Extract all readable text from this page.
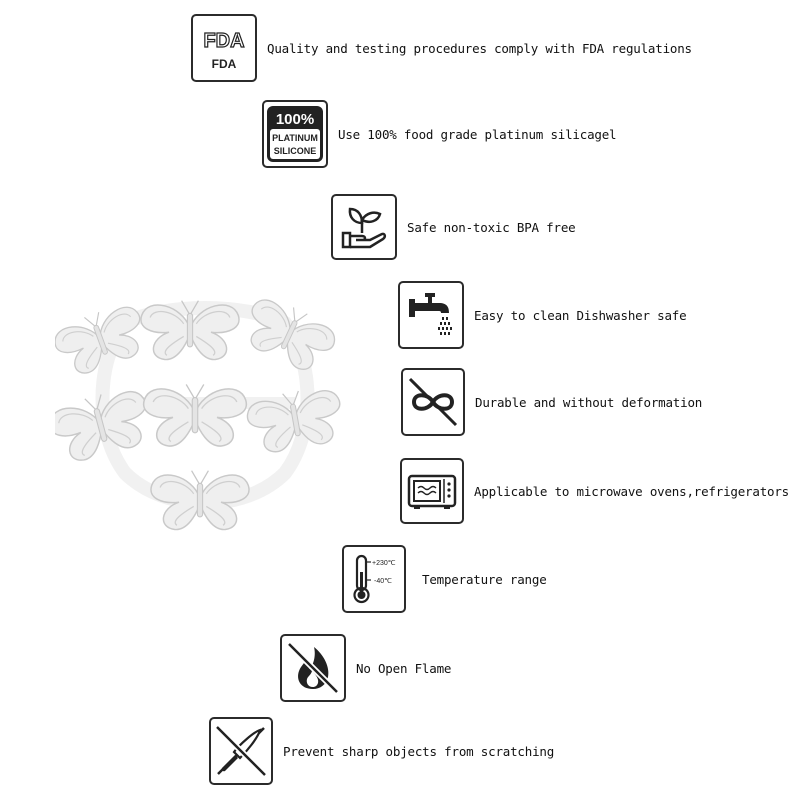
FDA
FDA
Quality and testing procedures comply with FDA regulations
100%
PLATINUM
SILICONE
Use 100% food grade platinum silicagel
Safe non-toxic BPA free
Easy to clean Dishwasher safe
Durable and without deformation
Applicable to microwave ovens,refrigerators
+230℃
-40℃ Temperature range
No Open Flame
Prevent sharp objects from scratching
